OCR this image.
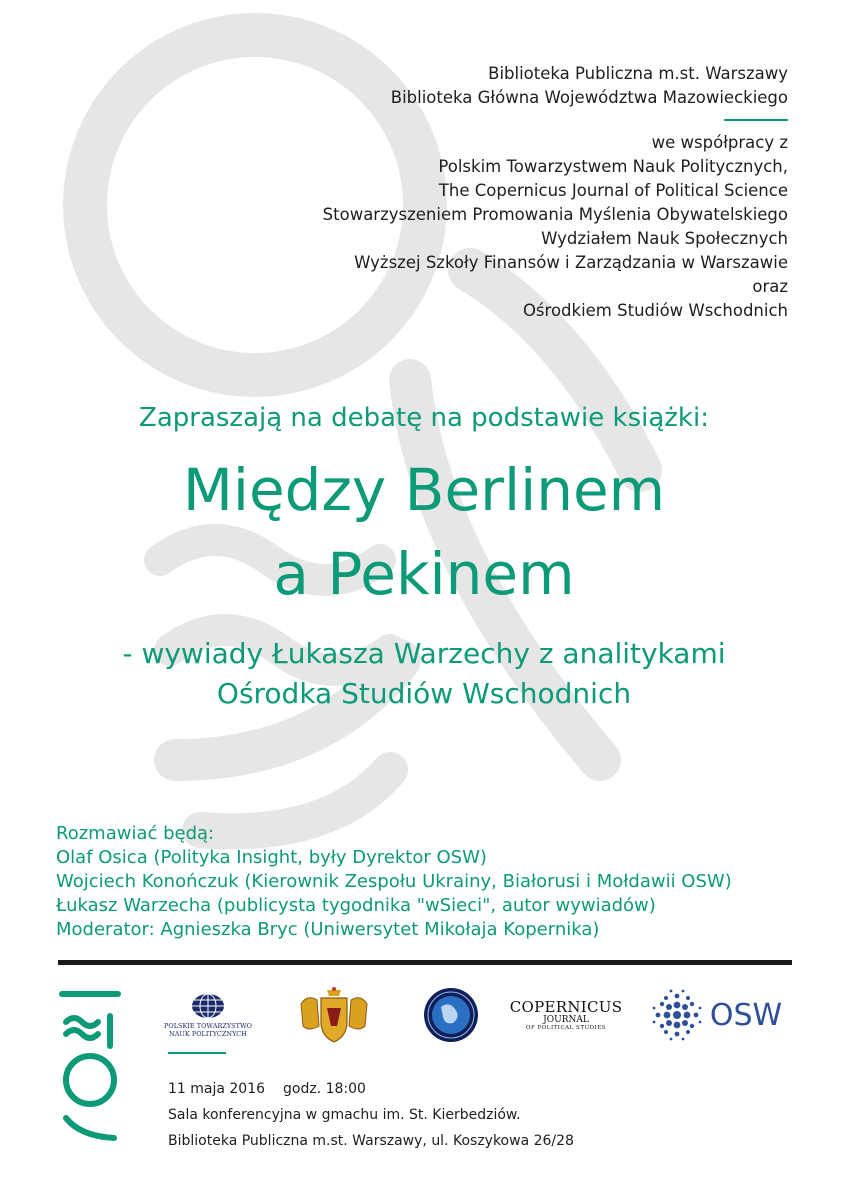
Biblioteka Publiczna m.st. Warszawy
Biblioteka Główna Województwa Mazowieckiego
we współpracy z
Polskim Towarzystwem Nauk Politycznych,
The Copernicus Journal of Political Science
Stowarzyszeniem Promowania Myślenia Obywatelskiego
Wydziałem Nauk Społecznych
Wyższej Szkoły Finansów i Zarządzania w Warszawie
oraz
Ośrodkiem Studiów Wschodnich
Zapraszają na debatę na podstawie książki:
Między Berlinem
a Pekinem
- wywiady Łukasza Warzechy z analitykami
Ośrodka Studiów Wschodnich
Rozmawiać będą:
Olaf Osica (Polityka Insight, były Dyrektor OSW)
Wojciech Konończuk (Kierownik Zespołu Ukrainy, Białorusi i Mołdawii OSW)
Łukasz Warzecha (publicysta tygodnika "wSieci", autor wywiadów)
Moderator: Agnieszka Bryc (Uniwersytet Mikołaja Kopernika)
POLSKIE TOWARZYSTWO
NAUK POLITYCZNYCH
COPERNICUS
JOURNAL
OF POLITICAL STUDIES	OSW
11 maja 2016 godz. 18:00
Sala konferencyjna w gmachu im. St. Kierbedziów.
Biblioteka Publiczna m.st. Warszawy, ul. Koszykowa 26/28
